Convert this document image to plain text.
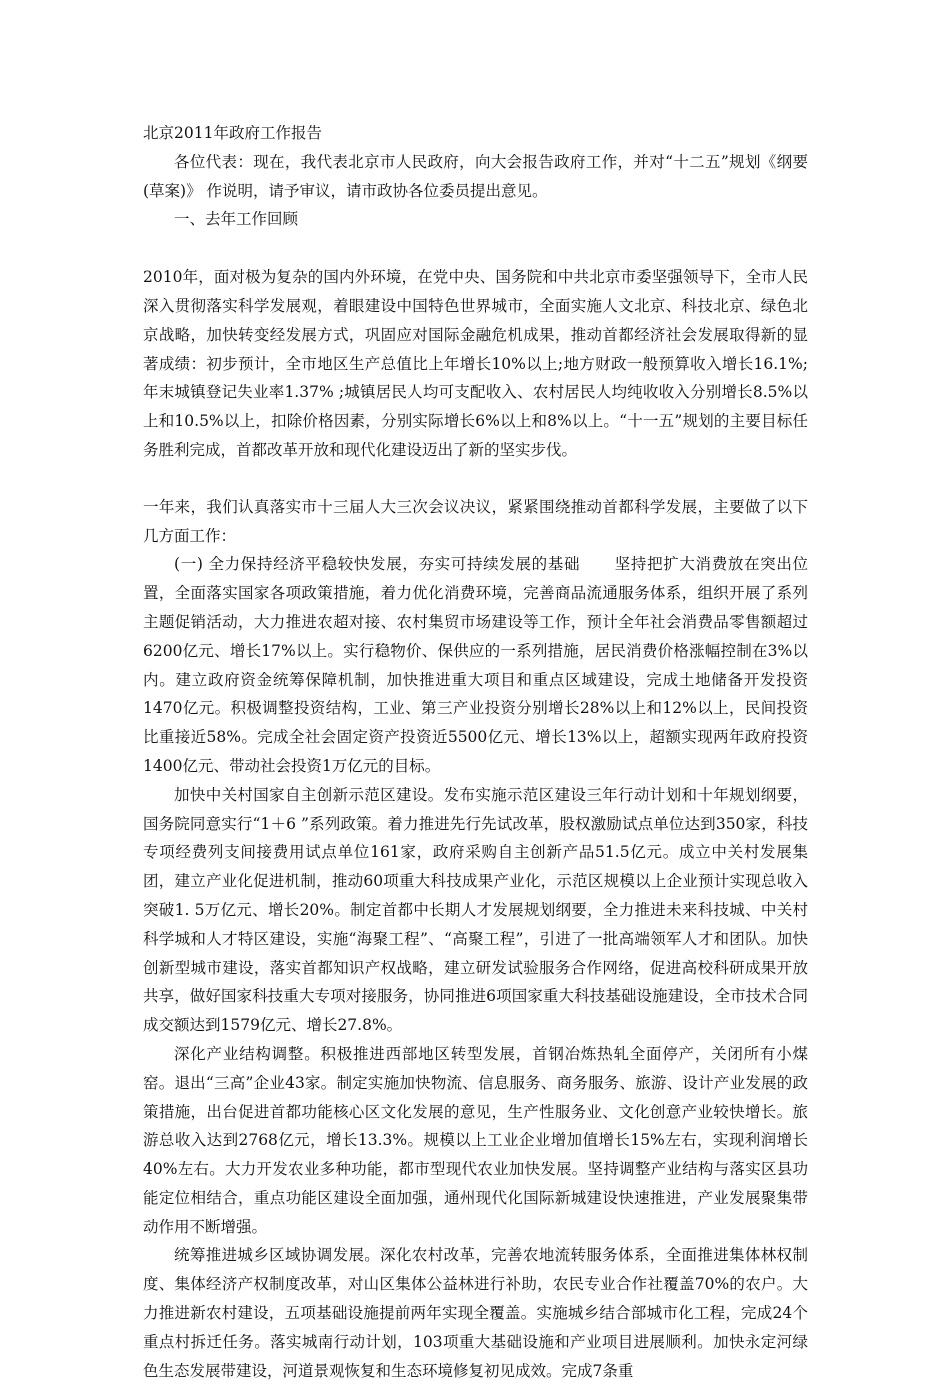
北京2011年政府工作报告

各位代表：现在，我代表北京市人民政府，向大会报告政府工作，并对“十二五”规划《纲要(草案)》 作说明，请予审议，请市政协各位委员提出意见。

一、去年工作回顾

2010年，面对极为复杂的国内外环境，在党中央、国务院和中共北京市委坚强领导下，全市人民深入贯彻落实科学发展观，着眼建设中国特色世界城市，全面实施人文北京、科技北京、绿色北京战略，加快转变经发展方式，巩固应对国际金融危机成果，推动首都经济社会发展取得新的显著成绩：初步预计，全市地区生产总值比上年增长10%以上;地方财政一般预算收入增长16.1%;年末城镇登记失业率1.37% ;城镇居民人均可支配收入、农村居民人均纯收收入分别增长8.5%以上和10.5%以上，扣除价格因素，分别实际增长6%以上和8%以上。“十一五”规划的主要目标任务胜利完成，首都改革开放和现代化建设迈出了新的坚实步伐。

一年来，我们认真落实市十三届人大三次会议决议，紧紧围绕推动首都科学发展，主要做了以下几方面工作：

(一) 全力保持经济平稳较快发展，夯实可持续发展的基础 坚持把扩大消费放在突出位置，全面落实国家各项政策措施，着力优化消费环境，完善商品流通服务体系，组织开展了系列主题促销活动，大力推进农超对接、农村集贸市场建设等工作，预计全年社会消费品零售额超过6200亿元、增长17%以上。实行稳物价、保供应的一系列措施，居民消费价格涨幅控制在3%以内。建立政府资金统筹保障机制，加快推进重大项目和重点区域建设，完成土地储备开发投资1470亿元。积极调整投资结构，工业、第三产业投资分别增长28%以上和12%以上，民间投资比重接近58%。完成全社会固定资产投资近5500亿元、增长13%以上，超额实现两年政府投资1400亿元、带动社会投资1万亿元的目标。

加快中关村国家自主创新示范区建设。发布实施示范区建设三年行动计划和十年规划纲要，国务院同意实行“1＋6 ”系列政策。着力推进先行先试改革，股权激励试点单位达到350家，科技专项经费列支间接费用试点单位161家，政府采购自主创新产品51.5亿元。成立中关村发展集团，建立产业化促进机制，推动60项重大科技成果产业化，示范区规模以上企业预计实现总收入突破1. 5万亿元、增长20%。制定首都中长期人才发展规划纲要，全力推进未来科技城、中关村科学城和人才特区建设，实施“海聚工程”、“高聚工程”，引进了一批高端领军人才和团队。加快创新型城市建设，落实首都知识产权战略，建立研发试验服务合作网络，促进高校科研成果开放共享，做好国家科技重大专项对接服务，协同推进6项国家重大科技基础设施建设，全市技术合同成交额达到1579亿元、增长27.8%。

深化产业结构调整。积极推进西部地区转型发展，首钢冶炼热轧全面停产，关闭所有小煤窑。退出“三高”企业43家。制定实施加快物流、信息服务、商务服务、旅游、设计产业发展的政策措施，出台促进首都功能核心区文化发展的意见，生产性服务业、文化创意产业较快增长。旅游总收入达到2768亿元，增长13.3%。规模以上工业企业增加值增长15%左右，实现利润增长40%左右。大力开发农业多种功能，都市型现代农业加快发展。坚持调整产业结构与落实区县功能定位相结合，重点功能区建设全面加强，通州现代化国际新城建设快速推进，产业发展聚集带动作用不断增强。

统筹推进城乡区域协调发展。深化农村改革，完善农地流转服务体系，全面推进集体林权制度、集体经济产权制度改革，对山区集体公益林进行补助，农民专业合作社覆盖70%的农户。大力推进新农村建设，五项基础设施提前两年实现全覆盖。实施城乡结合部城市化工程，完成24个重点村拆迁任务。落实城南行动计划，103项重大基础设施和产业项目进展顺利。加快永定河绿色生态发展带建设，河道景观恢复和生态环境修复初见成效。完成7条重
